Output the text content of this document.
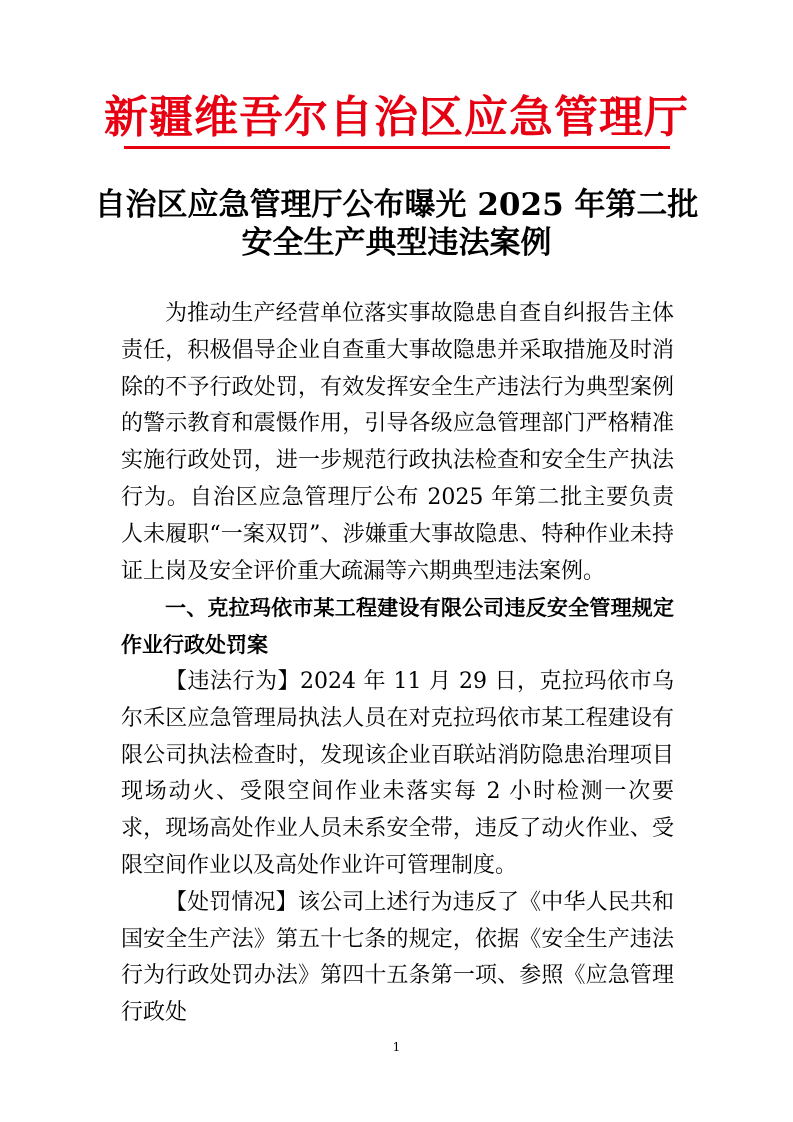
新疆维吾尔自治区应急管理厅
自治区应急管理厅公布曝光 2025 年第二批
安全生产典型违法案例

为推动生产经营单位落实事故隐患自查自纠报告主体责任，积极倡导企业自查重大事故隐患并采取措施及时消除的不予行政处罚，有效发挥安全生产违法行为典型案例的警示教育和震慑作用，引导各级应急管理部门严格精准实施行政处罚，进一步规范行政执法检查和安全生产执法行为。自治区应急管理厅公布 2025 年第二批主要负责人未履职“一案双罚”、涉嫌重大事故隐患、特种作业未持证上岗及安全评价重大疏漏等六期典型违法案例。

一、克拉玛依市某工程建设有限公司违反安全管理规定作业行政处罚案

【违法行为】2024 年 11 月 29 日，克拉玛依市乌尔禾区应急管理局执法人员在对克拉玛依市某工程建设有限公司执法检查时，发现该企业百联站消防隐患治理项目现场动火、受限空间作业未落实每 2 小时检测一次要求，现场高处作业人员未系安全带，违反了动火作业、受限空间作业以及高处作业许可管理制度。

【处罚情况】该公司上述行为违反了《中华人民共和国安全生产法》第五十七条的规定，依据《安全生产违法行为行政处罚办法》第四十五条第一项、参照《应急管理行政处

1
